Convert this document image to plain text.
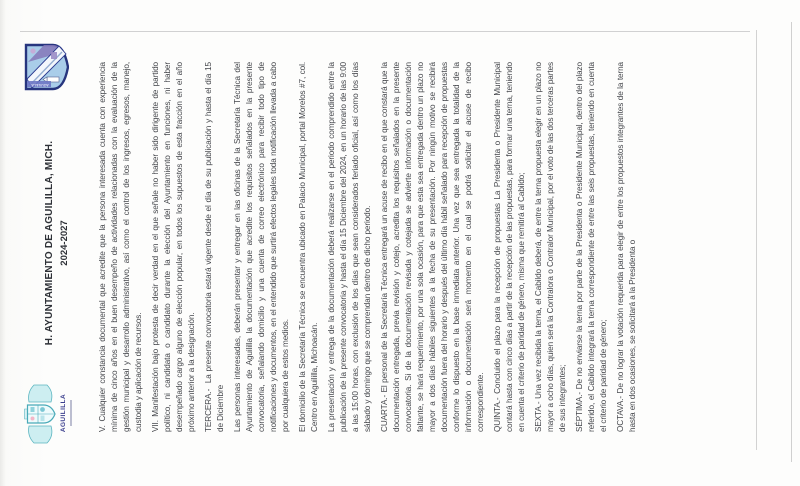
AGUILILLA
H. AYUNTAMIENTO DE AGUILILLA, MICH. 2024-2027
AGUILILLA	V. Cualquier constancia documental que acredite que la persona interesada cuenta con experiencia mínima de cinco años en el buen desempeño de actividades relacionadas con la evaluación de la gestión municipal y desarrollo administrativo, así como el control de los ingresos, egresos, manejo, custodia y aplicación de recursos. VII. Manifestación bajo protesta de decir verdad en el que señale no haber sido dirigente de partido político, ni candidata o candidato durante la elección del Ayuntamiento en funciones, ni haber desempeñado cargo alguno de elección popular, en todos los supuestos de esta fracción en el año próximo anterior a la designación. TERCERA.-  La presente convocatoria estará vigente desde el día de su publicación y hasta el día 15 de Diciembre Las personas interesadas, deberán presentar y entregar en las oficinas de la Secretaría Técnica del Ayuntamiento de Aguililla la documentación que acredite los requisitos señalados en la presente convocatoria, señalando domicilio y una cuenta de correo electrónico para recibir todo tipo de notificaciones y documentos, en el entendido que surtirá efectos legales toda notificación llevada a cabo por cualquiera de estos medios. El domicilio de la Secretaría Técnica se encuentra ubicado en Palacio Municipal, portal Morelos #7, col. Centro en Aguililla, Michoacán. La presentación y entrega de la documentación deberá realizarse en el periodo comprendido entre la publicación de la presente convocatoria y hasta el día 15 Diciembre del 2024, en un horario de las 9:00 a las 15:00 horas, con exclusión de los días que sean considerados feriado oficial, así como los días sábado y domingo que se comprendan dentro de dicho periodo. CUARTA.- El personal de la Secretaría Técnica entregará un acuse de recibo en el que constará que la documentación entregada, previa revisión y cotejo, acredita los requisitos señalados en la presente convocatoria. Si de la documentación revisada y cotejada se advierte información o documentación faltante, se hará requerimiento, por una sola ocasión, para que esta sea entregada dentro un plazo no mayor a dos días hábiles siguientes a la fecha de su presentación. Por ningún motivo se recibirá documentación fuera del horario y después del último día hábil señalado para recepción de propuestas conforme lo dispuesto en la base inmediata anterior. Una vez que sea entregada la totalidad de la información o documentación será momento en el cual se podrá solicitar el acuse de recibo correspondiente. QUINTA.- Concluido el plazo para la recepción de propuestas La Presidenta o Presidente Municipal contará hasta con cinco días a partir de la recepción de las propuestas, para formar una terna, teniendo en cuenta el criterio de paridad de género, misma que remitirá al Cabildo; SEXTA.- Una vez recibida la terna, el Cabildo deberá, de entre la terna propuesta elegir en un plazo no mayor a ocho días, quien será la Contralora o Contralor Municipal, por el voto de las dos terceras partes de sus integrantes; SÉPTIMA.- De no enviarse la terna por parte de la Presidenta o Presidente Municipal, dentro del plazo referido, el Cabildo integrará la terna correspondiente de entre las seis propuestas, teniendo en cuenta el criterio de paridad de género; OCTAVA.- De no lograr la votación requerida para elegir de entre los propuestos integrantes de la terna hasta en dos ocasiones, se solicitará a la Presidenta o
